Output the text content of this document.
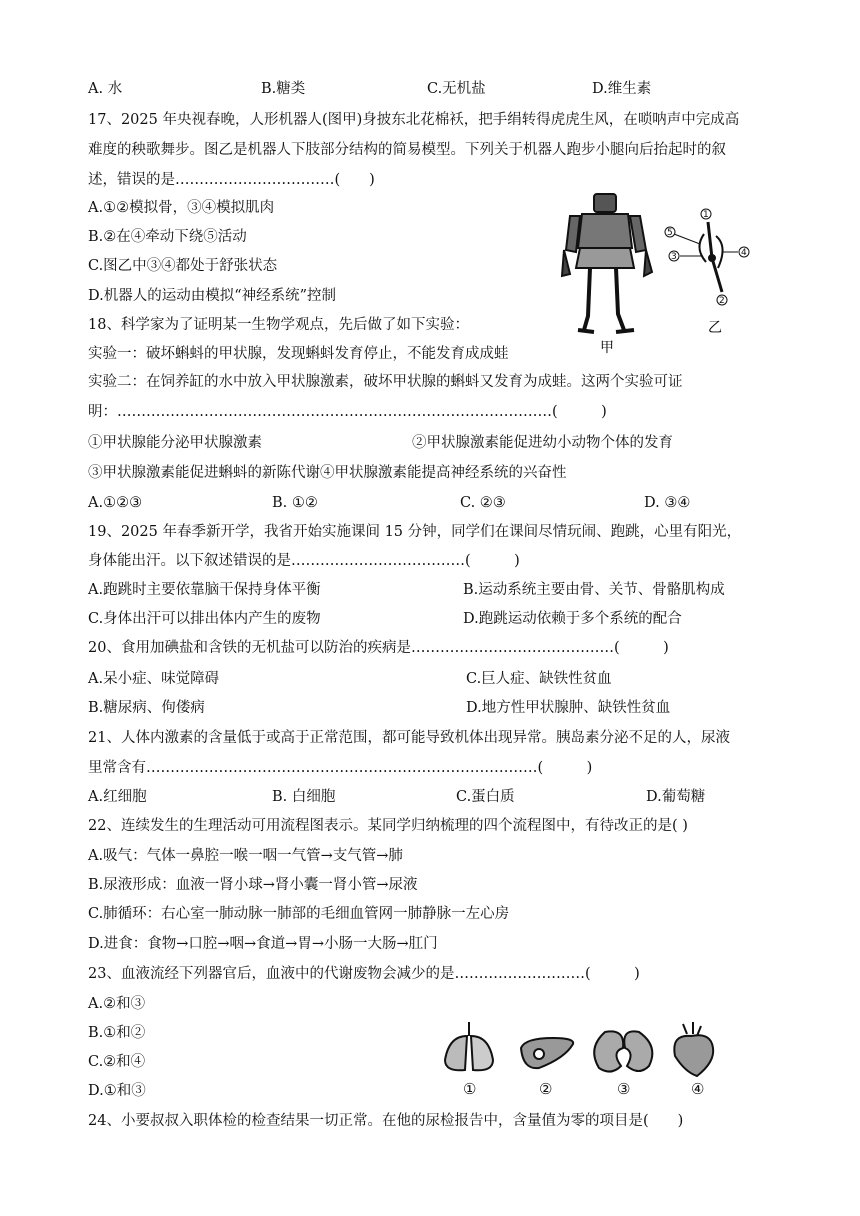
A. 水	B.糖类	C.无机盐	D.维生素
17、2025 年央视春晚，人形机器人(图甲)身披东北花棉袄，把手绢转得虎虎生风，在唢呐声中完成高
难度的秧歌舞步。图乙是机器人下肢部分结构的简易模型。下列关于机器人跑步小腿向后抬起时的叙
述，错误的是……………………………(　　)
A.①②模拟骨，③④模拟肌肉
B.②在④牵动下绕⑤活动
C.图乙中③④都处于舒张状态
D.机器人的运动由模拟“神经系统”控制
1
5
3	4
2
甲
乙
18、科学家为了证明某一生物学观点，先后做了如下实验：
实验一：破坏蝌蚪的甲状腺，发现蝌蚪发育停止，不能发育成成蛙
实验二：在饲养缸的水中放入甲状腺激素，破坏甲状腺的蝌蚪又发育为成蛙。这两个实验可证
明：………………………………………………………………………………(　　　)
①甲状腺能分泌甲状腺激素	②甲状腺激素能促进幼小动物个体的发育
③甲状腺激素能促进蝌蚪的新陈代谢④甲状腺激素能提高神经系统的兴奋性
A.①②③	B. ①②	C. ②③	D. ③④
19、2025 年春季新开学，我省开始实施课间 15 分钟，同学们在课间尽情玩闹、跑跳，心里有阳光，
身体能出汗。以下叙述错误的是………………………………(　　　)
A.跑跳时主要依靠脑干保持身体平衡	B.运动系统主要由骨、关节、骨骼肌构成
C.身体出汗可以排出体内产生的废物	D.跑跳运动依赖于多个系统的配合
20、食用加碘盐和含铁的无机盐可以防治的疾病是……………………………………(　　　)
A.呆小症、味觉障碍	C.巨人症、缺铁性贫血
B.糖尿病、佝偻病	D.地方性甲状腺肿、缺铁性贫血
21、人体内激素的含量低于或高于正常范围，都可能导致机体出现异常。胰岛素分泌不足的人，尿液
里常含有………………………………………………………………………(　　　)
A.红细胞	B. 白细胞	C.蛋白质	D.葡萄糖
22、连续发生的生理活动可用流程图表示。某同学归纳梳理的四个流程图中，有待改正的是( )
A.吸气：气体一鼻腔一喉一咽一气管→支气管→肺
B.尿液形成：血液一肾小球→肾小囊一肾小管→尿液
C.肺循环：右心室一肺动脉一肺部的毛细血管网一肺静脉一左心房
D.进食：食物→口腔→咽→食道→胃→小肠一大肠→肛门
23、血液流经下列器官后，血液中的代谢废物会减少的是………………………(　　　)
A.②和③
B.①和②
C.②和④
D.①和③	①	②	③	④
24、小要叔叔入职体检的检查结果一切正常。在他的尿检报告中，含量值为零的项目是(　　)
